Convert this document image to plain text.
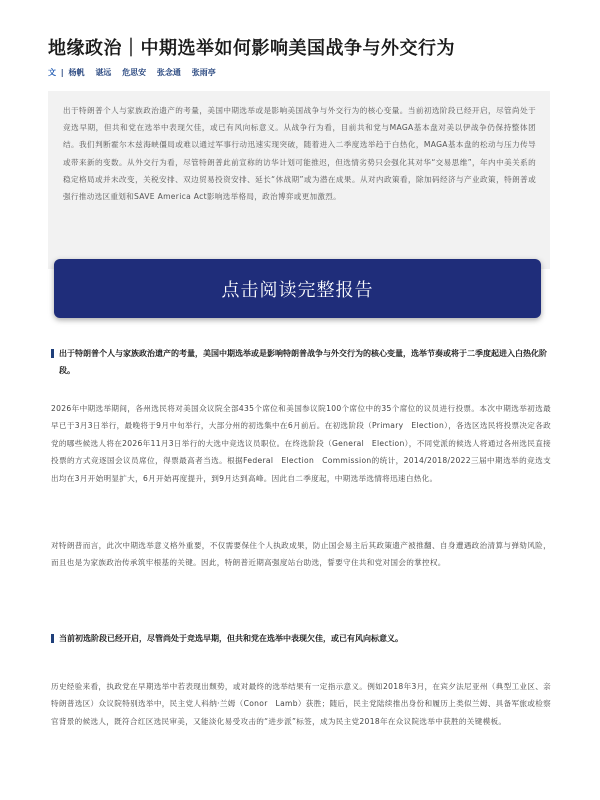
地缘政治｜中期选举如何影响美国战争与外交行为
文 | 杨帆 谌远 危思安 张念通 张雨亭

出于特朗普个人与家族政治遗产的考量，美国中期选举或是影响美国战争与外交行为的核心变量。当前初选阶段已经开启，尽管尚处于竞选早期，但共和党在选举中表现欠佳，或已有风向标意义。从战争行为看，目前共和党与MAGA基本盘对美以伊战争仍保持整体团结。我们判断霍尔木兹海峡僵局或难以通过军事行动迅速实现突破，随着进入二季度选举趋于白热化，MAGA基本盘的松动与压力传导或带来新的变数。从外交行为看，尽管特朗普此前宣称的访华计划可能推迟，但选情劣势只会强化其对华“交易思维”，年内中美关系的稳定格局或并未改变，关税安排、双边贸易投资安排、延长“休战期”或为潜在成果。从对内政策看，除加码经济与产业政策，特朗普或强行推动选区重划和SAVE America Act影响选举格局，政治博弈或更加激烈。

点击阅读完整报告
出于特朗普个人与家族政治遗产的考量，美国中期选举或是影响特朗普战争与外交行为的核心变量，选举节奏或将于二季度起进入白热化阶段。

2026年中期选举期间，各州选民将对美国众议院全部435个席位和美国参议院100个席位中的35个席位的议员进行投票。本次中期选举初选最早已于3月3日举行，最晚将于9月中旬举行，大部分州的初选集中在6月前后。在初选阶段（Primary　Election），各选区选民将投票决定各政党的哪些候选人将在2026年11月3日举行的大选中竞选议员职位。在终选阶段（General　Election），不同党派的候选人将通过各州选民直接投票的方式竞逐国会议员席位，得票最高者当选。根据Federal　Election　Commission的统计，2014/2018/2022三届中期选举的竞选支出均在3月开始明显扩大，6月开始再度提升，到9月达到高峰。因此自二季度起，中期选举选情将迅速白热化。

对特朗普而言，此次中期选举意义格外重要，不仅需要保住个人执政成果，防止国会易主后其政策遗产被推翻、自身遭遇政治清算与弹劾风险，而且也是为家族政治传承筑牢根基的关键。因此，特朗普近期高强度站台助选，誓要守住共和党对国会的掌控权。

当前初选阶段已经开启，尽管尚处于竞选早期，但共和党在选举中表现欠佳，或已有风向标意义。

历史经验来看，执政党在早期选举中若表现出颓势，或对最终的选举结果有一定指示意义。例如2018年3月，在宾夕法尼亚州（典型工业区、亲特朗普选区）众议院特别选举中，民主党人科纳·兰姆（Conor　Lamb）获胜；随后，民主党陆续推出身份和履历上类似兰姆、具备军旅或检察官背景的候选人，既符合红区选民审美，又能淡化易受攻击的“进步派”标签，成为民主党2018年在众议院选举中获胜的关键模板。
